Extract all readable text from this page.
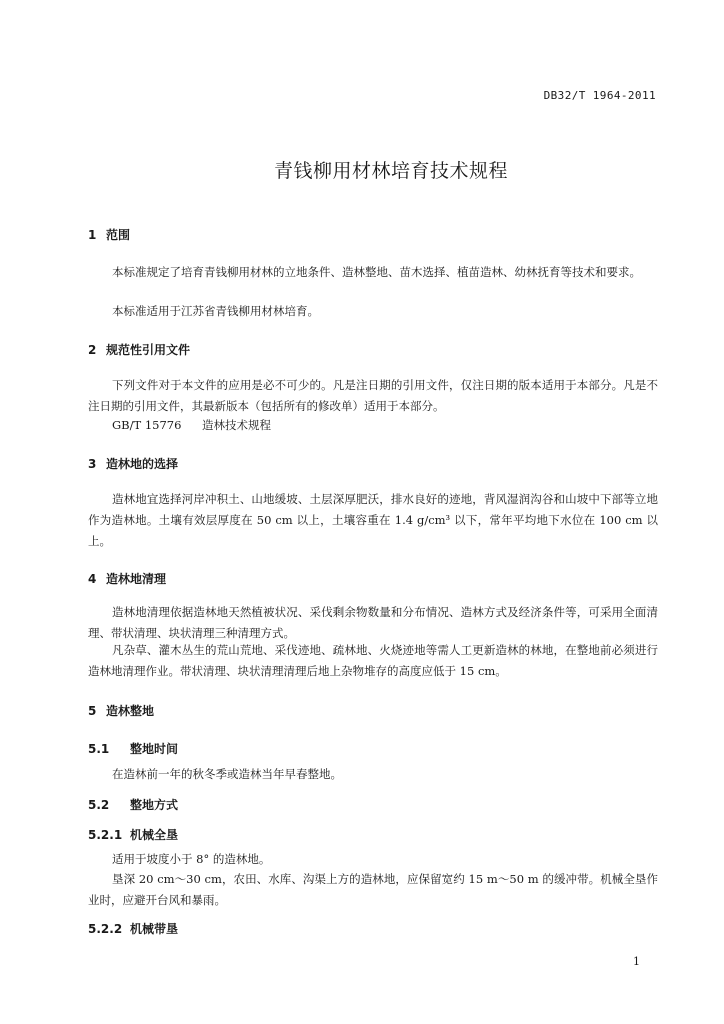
DB32/T 1964-2011
青钱柳用材林培育技术规程
1 范围
本标准规定了培育青钱柳用材林的立地条件、造林整地、苗木选择、植苗造林、幼林抚育等技术和要求。
本标准适用于江苏省青钱柳用材林培育。
2 规范性引用文件
下列文件对于本文件的应用是必不可少的。凡是注日期的引用文件，仅注日期的版本适用于本部分。凡是不注日期的引用文件，其最新版本（包括所有的修改单）适用于本部分。
GB/T 15776 造林技术规程
3 造林地的选择
造林地宜选择河岸冲积土、山地缓坡、土层深厚肥沃，排水良好的迹地，背风湿润沟谷和山坡中下部等立地作为造林地。土壤有效层厚度在 50 cm 以上，土壤容重在 1.4 g/cm³ 以下，常年平均地下水位在 100 cm 以上。
4 造林地清理
造林地清理依据造林地天然植被状况、采伐剩余物数量和分布情况、造林方式及经济条件等，可采用全面清理、带状清理、块状清理三种清理方式。
凡杂草、灌木丛生的荒山荒地、采伐迹地、疏林地、火烧迹地等需人工更新造林的林地，在整地前必须进行造林地清理作业。带状清理、块状清理清理后地上杂物堆存的高度应低于 15 cm。
5 造林整地
5.1 整地时间
在造林前一年的秋冬季或造林当年早春整地。
5.2 整地方式
5.2.1 机械全垦
适用于坡度小于 8° 的造林地。
垦深 20 cm～30 cm，农田、水库、沟渠上方的造林地，应保留宽约 15 m～50 m 的缓冲带。机械全垦作业时，应避开台风和暴雨。
5.2.2 机械带垦
1
